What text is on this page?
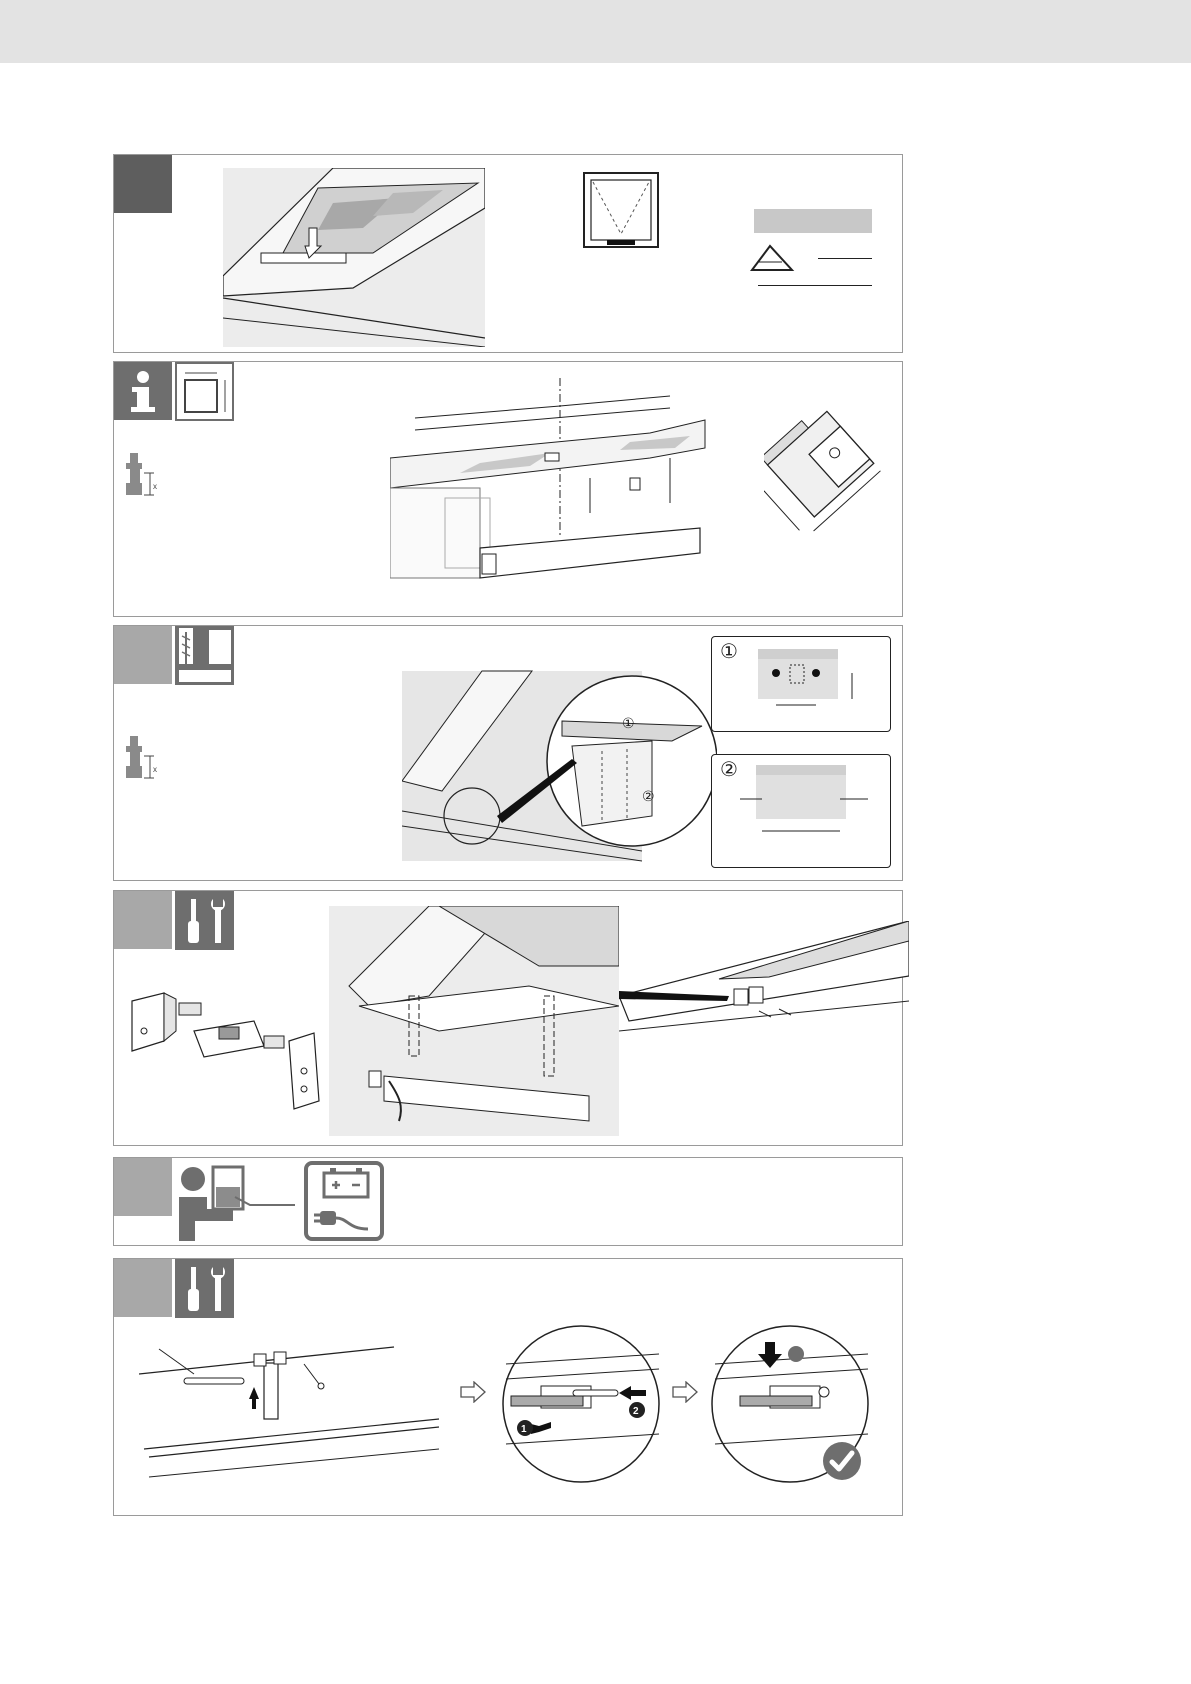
x
x
①
②
①
②
1
2
